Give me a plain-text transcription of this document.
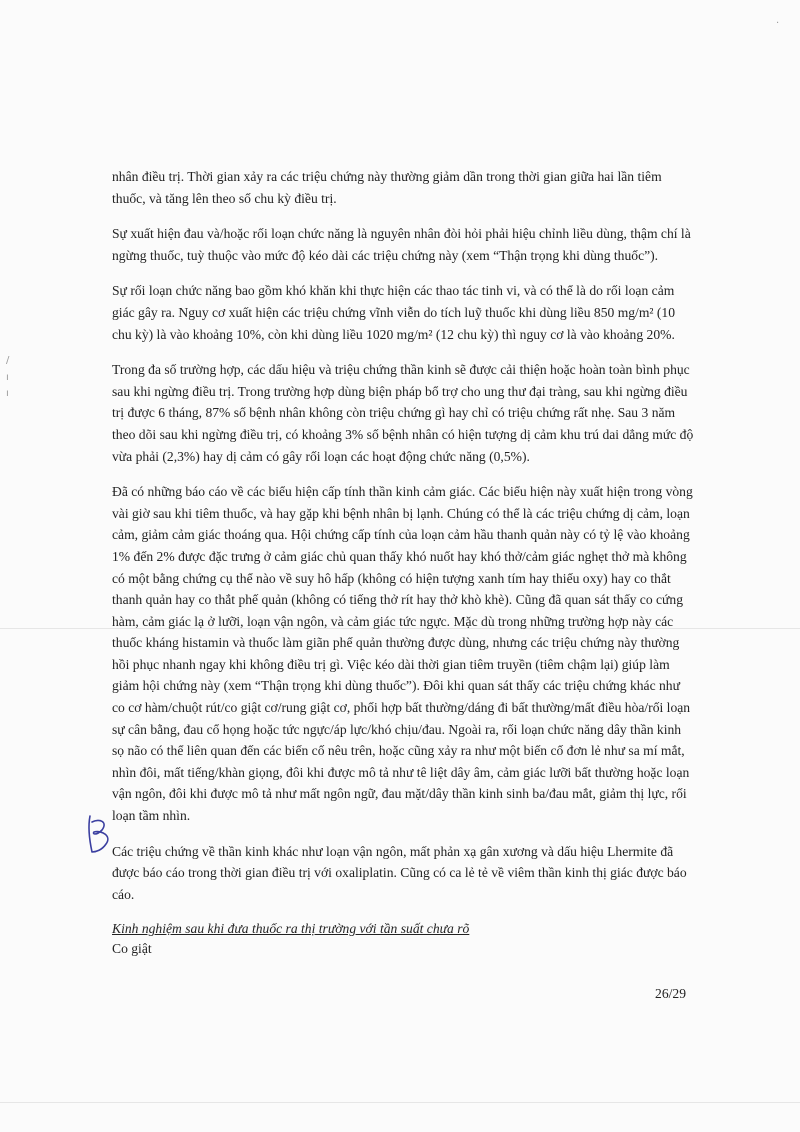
·
/
ı
ı

nhân điều trị. Thời gian xảy ra các triệu chứng này thường giảm dần trong thời gian giữa hai lần tiêm thuốc, và tăng lên theo số chu kỳ điều trị.

Sự xuất hiện đau và/hoặc rối loạn chức năng là nguyên nhân đòi hỏi phải hiệu chỉnh liều dùng, thậm chí là ngừng thuốc, tuỳ thuộc vào mức độ kéo dài các triệu chứng này (xem “Thận trọng khi dùng thuốc”).

Sự rối loạn chức năng bao gồm khó khăn khi thực hiện các thao tác tinh vi, và có thể là do rối loạn cảm giác gây ra. Nguy cơ xuất hiện các triệu chứng vĩnh viễn do tích luỹ thuốc khi dùng liều 850 mg/m² (10 chu kỳ) là vào khoảng 10%, còn khi dùng liều 1020 mg/m² (12 chu kỳ) thì nguy cơ là vào khoảng 20%.

Trong đa số trường hợp, các dấu hiệu và triệu chứng thần kinh sẽ được cải thiện hoặc hoàn toàn bình phục sau khi ngừng điều trị. Trong trường hợp dùng biện pháp bổ trợ cho ung thư đại tràng, sau khi ngừng điều trị được 6 tháng, 87% số bệnh nhân không còn triệu chứng gì hay chỉ có triệu chứng rất nhẹ. Sau 3 năm theo dõi sau khi ngừng điều trị, có khoảng 3% số bệnh nhân có hiện tượng dị cảm khu trú dai dẳng mức độ vừa phải (2,3%) hay dị cảm có gây rối loạn các hoạt động chức năng (0,5%).

Đã có những báo cáo về các biểu hiện cấp tính thần kinh cảm giác. Các biểu hiện này xuất hiện trong vòng vài giờ sau khi tiêm thuốc, và hay gặp khi bệnh nhân bị lạnh. Chúng có thể là các triệu chứng dị cảm, loạn cảm, giảm cảm giác thoáng qua. Hội chứng cấp tính của loạn cảm hầu thanh quản này có tỷ lệ vào khoảng 1% đến 2% được đặc trưng ở cảm giác chủ quan thấy khó nuốt hay khó thở/cảm giác nghẹt thở mà không có một bằng chứng cụ thể nào về suy hô hấp (không có hiện tượng xanh tím hay thiếu oxy) hay co thắt thanh quản hay co thắt phế quản (không có tiếng thở rít hay thở khò khè). Cũng đã quan sát thấy co cứng hàm, cảm giác lạ ở lưỡi, loạn vận ngôn, và cảm giác tức ngực. Mặc dù trong những trường hợp này các thuốc kháng histamin và thuốc làm giãn phế quản thường được dùng, nhưng các triệu chứng này thường hồi phục nhanh ngay khi không điều trị gì. Việc kéo dài thời gian tiêm truyền (tiêm chậm lại) giúp làm giảm hội chứng này (xem “Thận trọng khi dùng thuốc”). Đôi khi quan sát thấy các triệu chứng khác như co cơ hàm/chuột rút/co giật cơ/rung giật cơ, phối hợp bất thường/dáng đi bất thường/mất điều hòa/rối loạn sự cân bằng, đau cổ họng hoặc tức ngực/áp lực/khó chịu/đau. Ngoài ra, rối loạn chức năng dây thần kinh sọ não có thể liên quan đến các biến cố nêu trên, hoặc cũng xảy ra như một biến cố đơn lẻ như sa mí mắt, nhìn đôi, mất tiếng/khàn giọng, đôi khi được mô tả như tê liệt dây âm, cảm giác lưỡi bất thường hoặc loạn vận ngôn, đôi khi được mô tả như mất ngôn ngữ, đau mặt/dây thần kinh sinh ba/đau mắt, giảm thị lực, rối loạn tầm nhìn.

Các triệu chứng về thần kinh khác như loạn vận ngôn, mất phản xạ gân xương và dấu hiệu Lhermite đã được báo cáo trong thời gian điều trị với oxaliplatin. Cũng có ca lẻ tẻ về viêm thần kinh thị giác được báo cáo.

Kinh nghiệm sau khi đưa thuốc ra thị trường với tần suất chưa rõ

Co giật

26/29
